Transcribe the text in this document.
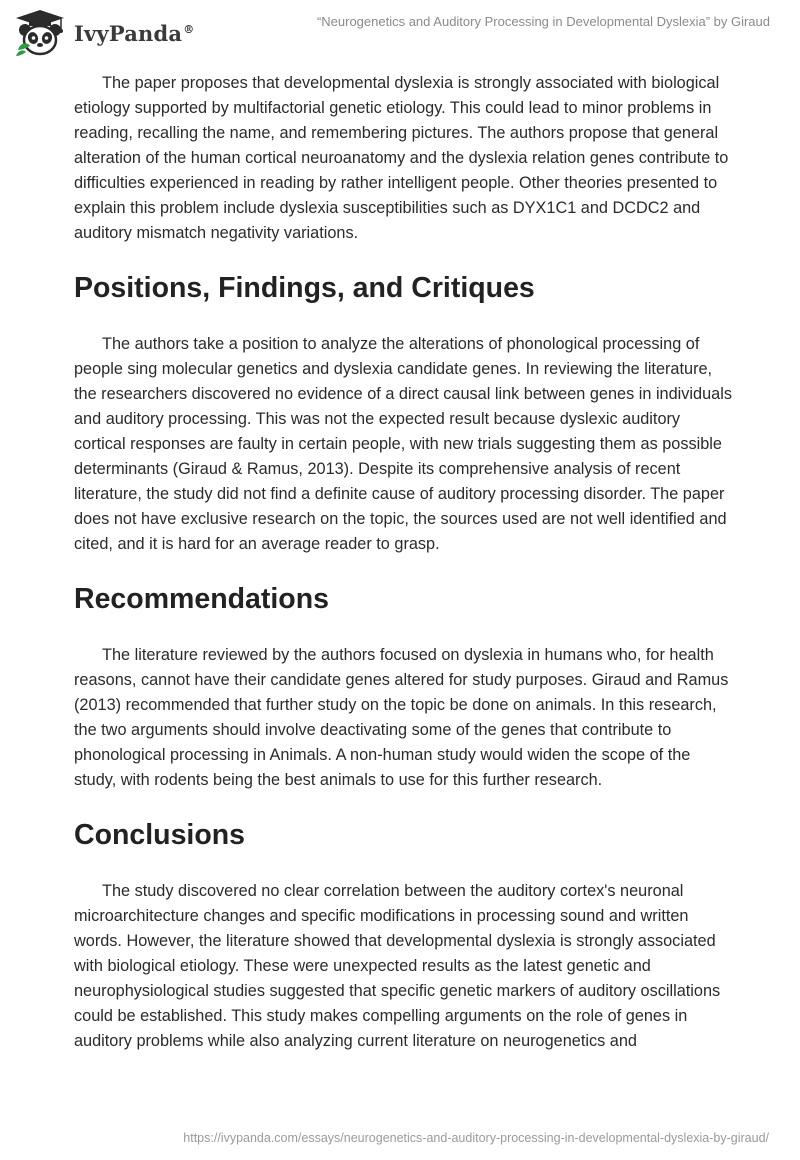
IvyPanda®	“Neurogenetics and Auditory Processing in Developmental Dyslexia” by Giraud

The paper proposes that developmental dyslexia is strongly associated with biological etiology supported by multifactorial genetic etiology. This could lead to minor problems in reading, recalling the name, and remembering pictures. The authors propose that general alteration of the human cortical neuroanatomy and the dyslexia relation genes contribute to difficulties experienced in reading by rather intelligent people. Other theories presented to explain this problem include dyslexia susceptibilities such as DYX1C1 and DCDC2 and auditory mismatch negativity variations.

Positions, Findings, and Critiques

The authors take a position to analyze the alterations of phonological processing of people sing molecular genetics and dyslexia candidate genes. In reviewing the literature, the researchers discovered no evidence of a direct causal link between genes in individuals and auditory processing. This was not the expected result because dyslexic auditory cortical responses are faulty in certain people, with new trials suggesting them as possible determinants (Giraud & Ramus, 2013). Despite its comprehensive analysis of recent literature, the study did not find a definite cause of auditory processing disorder. The paper does not have exclusive research on the topic, the sources used are not well identified and cited, and it is hard for an average reader to grasp.

Recommendations

The literature reviewed by the authors focused on dyslexia in humans who, for health reasons, cannot have their candidate genes altered for study purposes. Giraud and Ramus (2013) recommended that further study on the topic be done on animals. In this research, the two arguments should involve deactivating some of the genes that contribute to phonological processing in Animals. A non-human study would widen the scope of the study, with rodents being the best animals to use for this further research.

Conclusions

The study discovered no clear correlation between the auditory cortex's neuronal microarchitecture changes and specific modifications in processing sound and written words. However, the literature showed that developmental dyslexia is strongly associated with biological etiology. These were unexpected results as the latest genetic and neurophysiological studies suggested that specific genetic markers of auditory oscillations could be established. This study makes compelling arguments on the role of genes in auditory problems while also analyzing current literature on neurogenetics and

https://ivypanda.com/essays/neurogenetics-and-auditory-processing-in-developmental-dyslexia-by-giraud/
